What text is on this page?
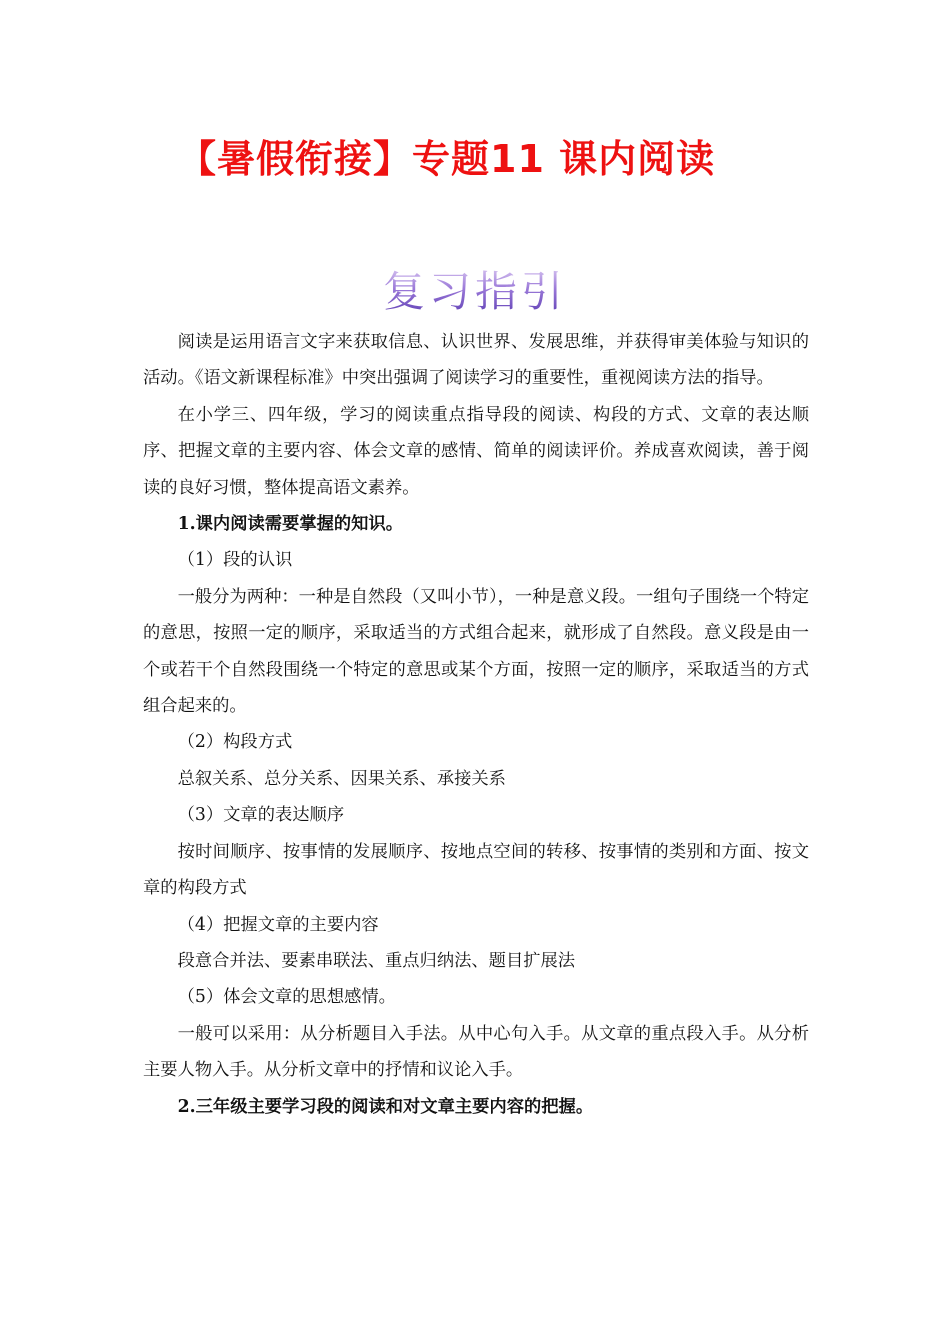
【暑假衔接】专题11 课内阅读
复习指引

阅读是运用语言文字来获取信息、认识世界、发展思维，并获得审美体验与知识的活动。《语文新课程标准》中突出强调了阅读学习的重要性，重视阅读方法的指导。

在小学三、四年级，学习的阅读重点指导段的阅读、构段的方式、文章的表达顺序、把握文章的主要内容、体会文章的感情、简单的阅读评价。养成喜欢阅读，善于阅读的良好习惯，整体提高语文素养。

1.课内阅读需要掌握的知识。

（1）段的认识

一般分为两种：一种是自然段（又叫小节），一种是意义段。一组句子围绕一个特定的意思，按照一定的顺序，采取适当的方式组合起来，就形成了自然段。意义段是由一个或若干个自然段围绕一个特定的意思或某个方面，按照一定的顺序，采取适当的方式组合起来的。

（2）构段方式

总叙关系、总分关系、因果关系、承接关系

（3）文章的表达顺序

按时间顺序、按事情的发展顺序、按地点空间的转移、按事情的类别和方面、按文章的构段方式

（4）把握文章的主要内容

段意合并法、要素串联法、重点归纳法、题目扩展法

（5）体会文章的思想感情。

一般可以采用：从分析题目入手法。从中心句入手。从文章的重点段入手。从分析主要人物入手。从分析文章中的抒情和议论入手。

2.三年级主要学习段的阅读和对文章主要内容的把握。
